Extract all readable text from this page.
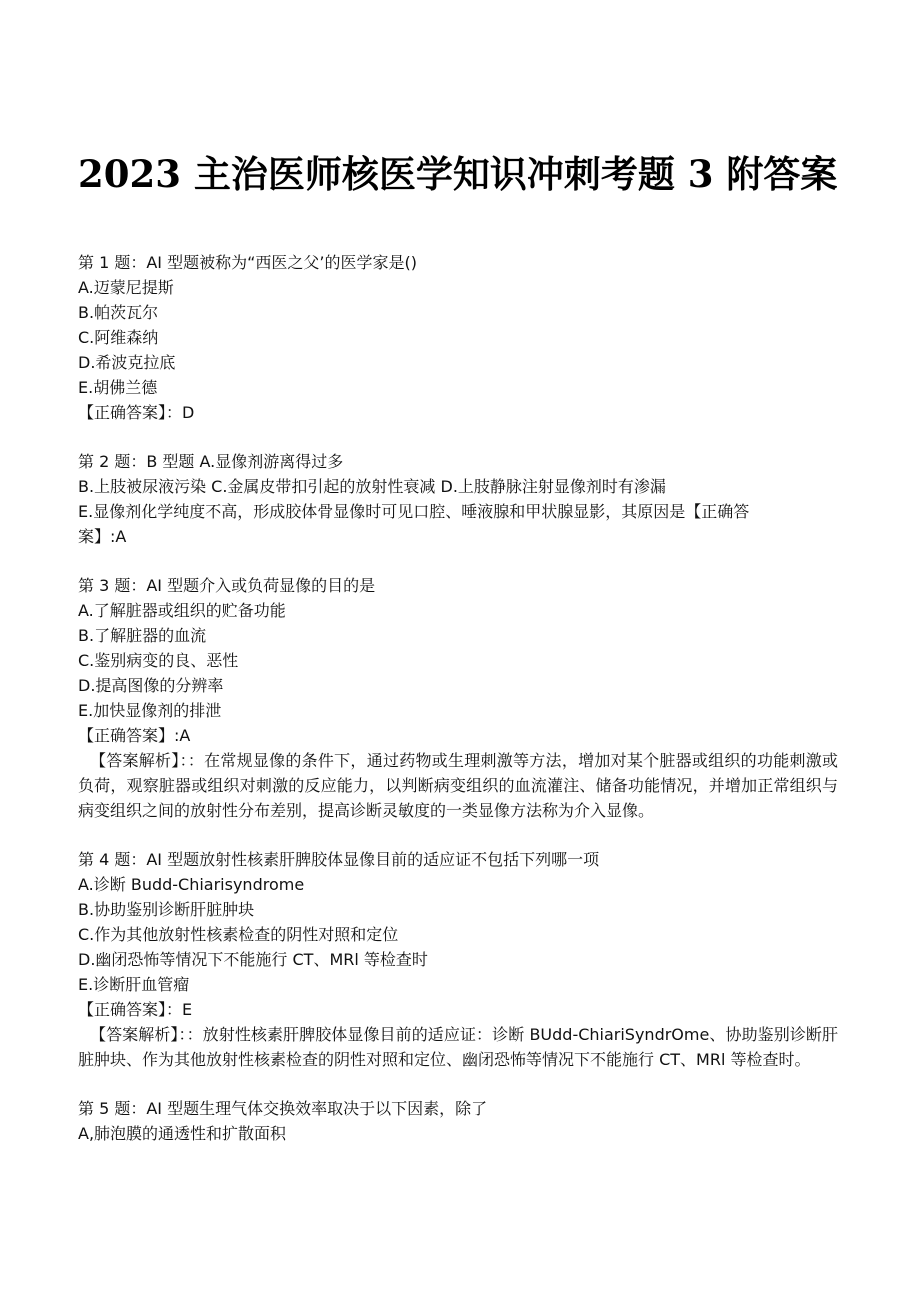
2023 主治医师核医学知识冲刺考题 3 附答案

第 1 题：AI 型题被称为“西医之父’的医学家是()

A.迈蒙尼提斯

B.帕茨瓦尔

C.阿维森纳

D.希波克拉底

E.胡佛兰德

【正确答案】：D

第 2 题：B 型题 A.显像剂游离得过多

B.上肢被尿液污染 C.金属皮带扣引起的放射性衰减 D.上肢静脉注射显像剂时有渗漏

E.显像剂化学纯度不高，形成胶体骨显像时可见口腔、唾液腺和甲状腺显影，其原因是【正确答

案】:A

第 3 题：AI 型题介入或负荷显像的目的是

A.了解脏器或组织的贮备功能

B.了解脏器的血流

C.鉴别病变的良、恶性

D.提高图像的分辨率

E.加快显像剂的排泄

【正确答案】:A

【答案解析】：：在常规显像的条件下，通过药物或生理刺激等方法，增加对某个脏器或组织的功能刺激或负荷，观察脏器或组织对刺激的反应能力，以判断病变组织的血流灌注、储备功能情况，并增加正常组织与病变组织之间的放射性分布差别，提高诊断灵敏度的一类显像方法称为介入显像。

第 4 题：AI 型题放射性核素肝脾胶体显像目前的适应证不包括下列哪一项

A.诊断 Budd-Chiarisyndrome

B.协助鉴别诊断肝脏肿块

C.作为其他放射性核素检查的阴性对照和定位

D.幽闭恐怖等情况下不能施行 CT、MRl 等检查时

E.诊断肝血管瘤

【正确答案】：E

【答案解析】：：放射性核素肝脾胶体显像目前的适应证：诊断 BUdd-ChiariSyndrOme、协助鉴别诊断肝脏肿块、作为其他放射性核素检查的阴性对照和定位、幽闭恐怖等情况下不能施行 CT、MRl 等检查时。

第 5 题：AI 型题生理气体交换效率取决于以下因素，除了

A,肺泡膜的通透性和扩散面积
